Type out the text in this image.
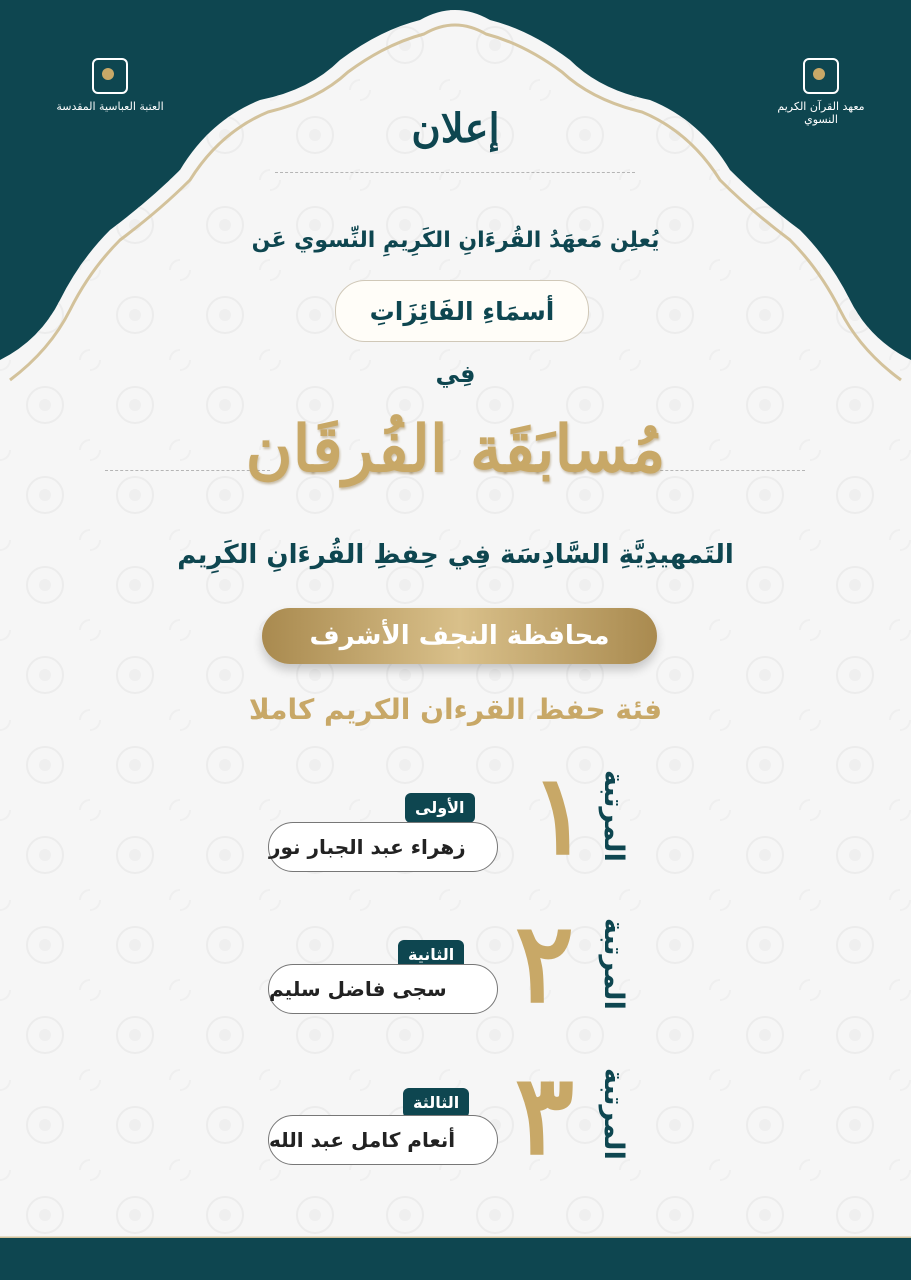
العتبة العباسية المقدسة	معهد القرآن الكريم النسوي
إعلان
يُعلِن مَعهَدُ القُرءَانِ الكَرِيمِ النِّسوي عَن
أسمَاءِ الفَائِزَاتِ
فِي
مُسابَقَة الفُرقَان
التَمهيدِيَّةِ السَّادِسَة فِي حِفظِ القُرءَانِ الكَرِيم
محافظة النجف الأشرف
فئة حفظ القرءان الكريم كاملا
المرتبة
١
الأولى
زهراء عبد الجبار نور
المرتبة
٢
الثانية
سجى فاضل سليم
المرتبة
٣
الثالثة
أنعام كامل عبد الله
